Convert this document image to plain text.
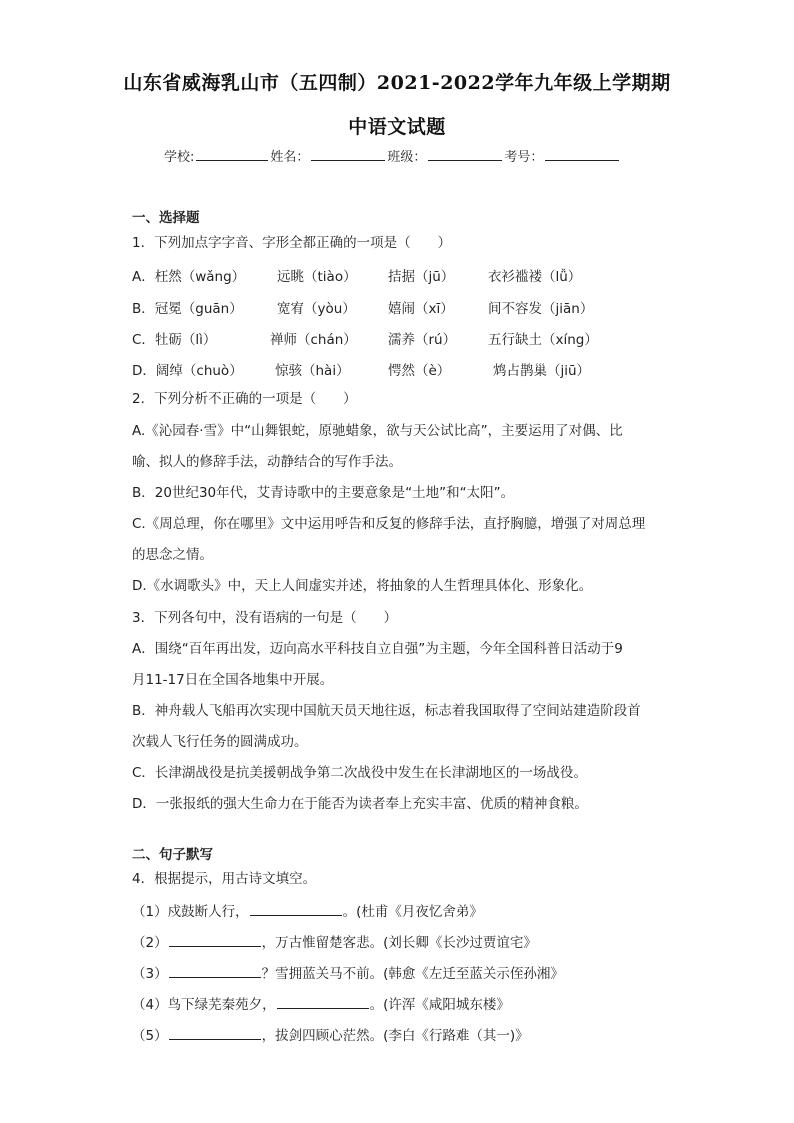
山东省威海乳山市（五四制）2021-2022学年九年级上学期期
中语文试题
学校:	姓名：	班级：	考号：
一、选择题
1．下列加点字字音、字形全都正确的一项是（　　）
A．枉然（wǎng） 远眺（tiào） 拮据（jū） 衣衫褴褛（lǚ）
B．冠冕（guān）	宽宥（yòu） 嬉闹（xī）	间不容发（jiān）
C．牡砺（lì）	禅师（chán） 濡养（rú） 五行缺土（xíng）
D．阔绰（chuò） 惊骇（hài）	愕然（è）	鸩占鹊巢（jiū）
2．下列分析不正确的一项是（　　）
A.《沁园春·雪》中“山舞银蛇，原驰蜡象，欲与天公试比高”，主要运用了对偶、比
喻、拟人的修辞手法，动静结合的写作手法。
B．20世纪30年代，艾青诗歌中的主要意象是“土地”和“太阳”。
C.《周总理，你在哪里》文中运用呼告和反复的修辞手法，直抒胸臆，增强了对周总理
的思念之情。
D.《水调歌头》中，天上人间虚实并述，将抽象的人生哲理具体化、形象化。
3．下列各句中，没有语病的一句是（　　）
A．围绕“百年再出发，迈向高水平科技自立自强”为主题，今年全国科普日活动于9
月11-17日在全国各地集中开展。
B．神舟载人飞船再次实现中国航天员天地往返，标志着我国取得了空间站建造阶段首
次载人飞行任务的圆满成功。
C．长津湖战役是抗美援朝战争第二次战役中发生在长津湖地区的一场战役。
D．一张报纸的强大生命力在于能否为读者奉上充实丰富、优质的精神食粮。
二、句子默写
4．根据提示，用古诗文填空。
（1）戍鼓断人行，	。(杜甫《月夜忆舍弟》
（2）	，万古惟留楚客悲。(刘长卿《长沙过贾谊宅》
（3）	？雪拥蓝关马不前。(韩愈《左迁至蓝关示侄孙湘》
（4）鸟下绿芜秦苑夕，	。(许浑《咸阳城东楼》
（5）	，拔剑四顾心茫然。(李白《行路难（其一)》
